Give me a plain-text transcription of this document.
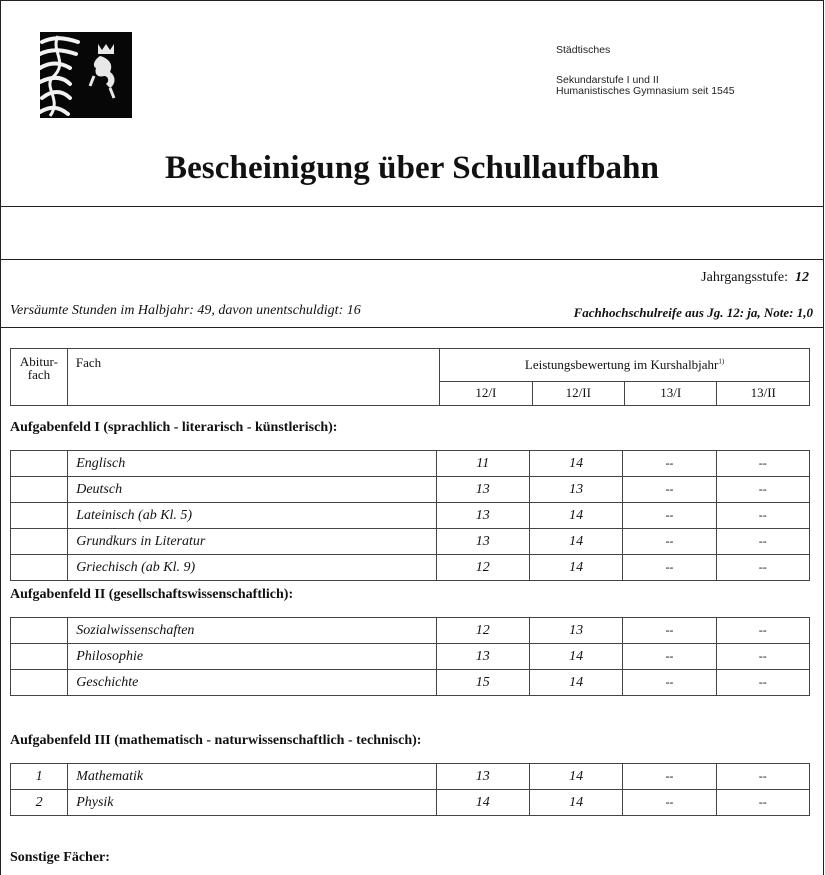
Städtisches
Sekundarstufe I und II
Humanistisches Gymnasium seit 1545
Bescheinigung über Schullaufbahn
Jahrgangsstufe: 12
Versäumte Stunden im Halbjahr: 49, davon unentschuldigt: 16	Fachhochschulreife aus Jg. 12: ja, Note: 1,0
Abitur-
fach	Fach	Leistungsbewertung im Kurshalbjahr$^{1)}$
		12/I	12/II	13/I	13/II
Aufgabenfeld I (sprachlich - literarisch - künstlerisch):
	Englisch	11	14	--	--
	Deutsch	13	13	--	--
	Lateinisch (ab Kl. 5)	13	14	--	--
	Grundkurs in Literatur	13	14	--	--
	Griechisch (ab Kl. 9)	12	14	--	--
Aufgabenfeld II (gesellschaftswissenschaftlich):
	Sozialwissenschaften	12	13	--	--
	Philosophie	13	14	--	--
	Geschichte	15	14	--	--
Aufgabenfeld III (mathematisch - naturwissenschaftlich - technisch):
1	Mathematik	13	14	--	--
2	Physik	14	14	--	--
Sonstige Fächer:
